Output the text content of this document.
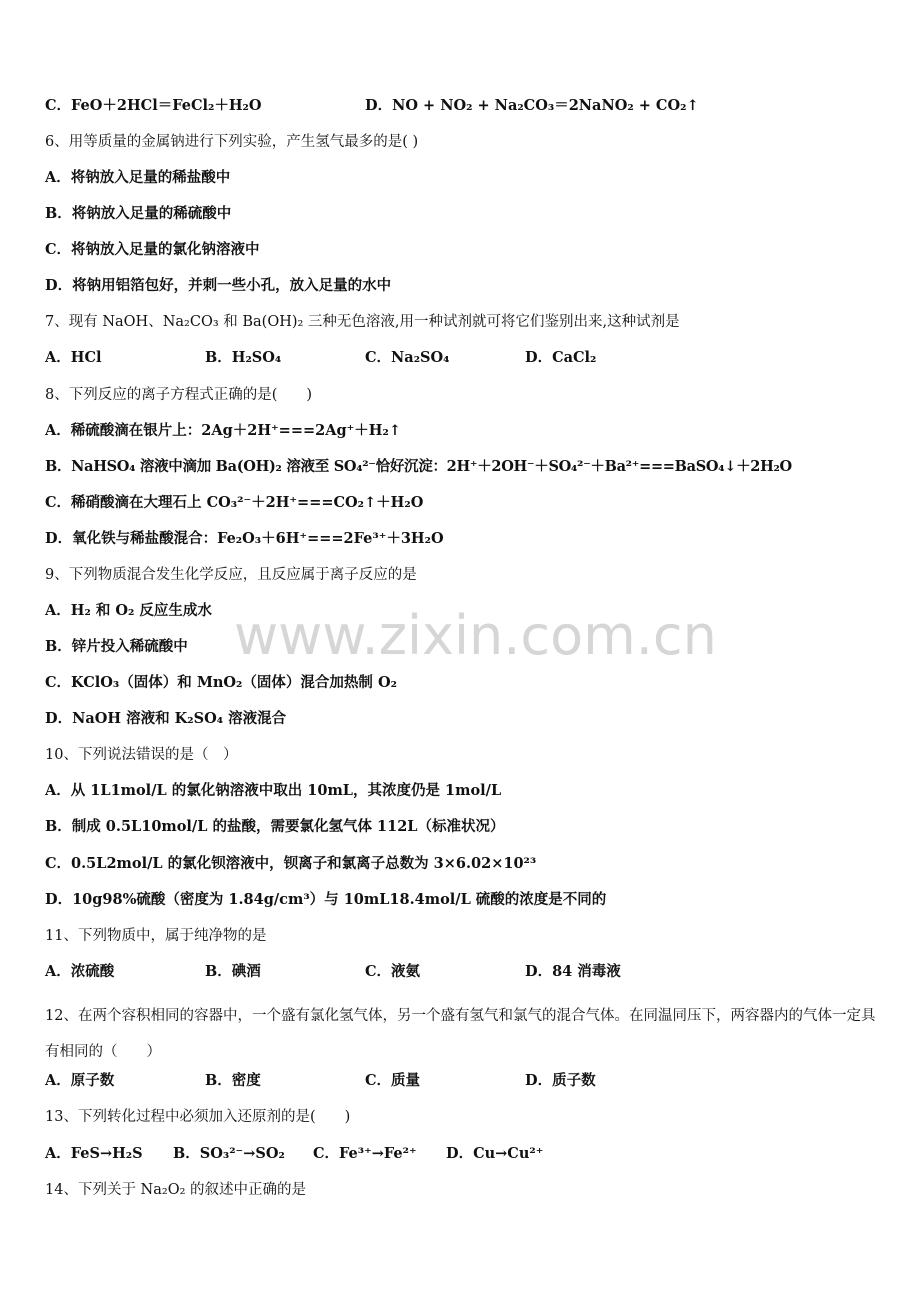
www.zixin.com.cn
C．FeO＋2HCl＝FeCl₂＋H₂O	D．NO + NO₂ + Na₂CO₃＝2NaNO₂ + CO₂↑
6、用等质量的金属钠进行下列实验，产生氢气最多的是( )
A．将钠放入足量的稀盐酸中
B．将钠放入足量的稀硫酸中
C．将钠放入足量的氯化钠溶液中
D．将钠用铝箔包好，并刺一些小孔，放入足量的水中
7、现有 NaOH、Na₂CO₃ 和 Ba(OH)₂ 三种无色溶液,用一种试剂就可将它们鉴别出来,这种试剂是
A．HCl	B．H₂SO₄	C．Na₂SO₄	D．CaCl₂
8、下列反应的离子方程式正确的是(　　)
A．稀硫酸滴在银片上：2Ag＋2H⁺===2Ag⁺＋H₂↑
B．NaHSO₄ 溶液中滴加 Ba(OH)₂ 溶液至 SO₄²⁻恰好沉淀：2H⁺＋2OH⁻＋SO₄²⁻＋Ba²⁺===BaSO₄↓＋2H₂O
C．稀硝酸滴在大理石上 CO₃²⁻＋2H⁺===CO₂↑＋H₂O
D．氧化铁与稀盐酸混合：Fe₂O₃＋6H⁺===2Fe³⁺＋3H₂O
9、下列物质混合发生化学反应，且反应属于离子反应的是
A．H₂ 和 O₂ 反应生成水
B．锌片投入稀硫酸中
C．KClO₃（固体）和 MnO₂（固体）混合加热制 O₂
D．NaOH 溶液和 K₂SO₄ 溶液混合
10、下列说法错误的是（　）
A．从 1L1mol/L 的氯化钠溶液中取出 10mL，其浓度仍是 1mol/L
B．制成 0.5L10mol/L 的盐酸，需要氯化氢气体 112L（标准状况）
C．0.5L2mol/L 的氯化钡溶液中，钡离子和氯离子总数为 3×6.02×10²³
D．10g98%硫酸（密度为 1.84g/cm³）与 10mL18.4mol/L 硫酸的浓度是不同的
11、下列物质中，属于纯净物的是
A．浓硫酸	B．碘酒	C．液氨	D．84 消毒液
12、在两个容积相同的容器中，一个盛有氯化氢气体，另一个盛有氢气和氯气的混合气体。在同温同压下，两容器内的气体一定具有相同的（　　）
A．原子数	B．密度	C．质量	D．质子数
13、下列转化过程中必须加入还原剂的是(　　)
A．FeS→H₂S	B．SO₃²⁻→SO₂	C．Fe³⁺→Fe²⁺	D．Cu→Cu²⁺
14、下列关于 Na₂O₂ 的叙述中正确的是
